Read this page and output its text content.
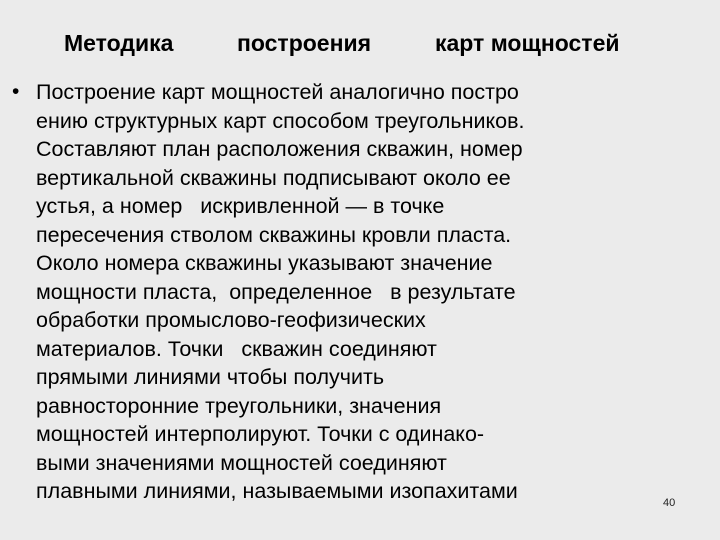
Методика	построения	карт мощностей
• Построение карт мощностей аналогично постро
ению структурных карт способом треугольников.
Составляют план расположения скважин, номер
вертикальной скважины подписывают около ее
устья, а номер   искривленной — в точке
пересечения стволом скважины кровли пласта.
Около номера скважины указывают значение
мощности пласта,  определенное   в результате
обработки промыслово-геофизических
материалов. Точки   скважин соединяют
прямыми линиями чтобы получить
равносторонние треугольники, значения
мощностей интерполируют. Точки с одинако-
выми значениями мощностей соединяют
плавными линиями, называемыми изопахитами	40
